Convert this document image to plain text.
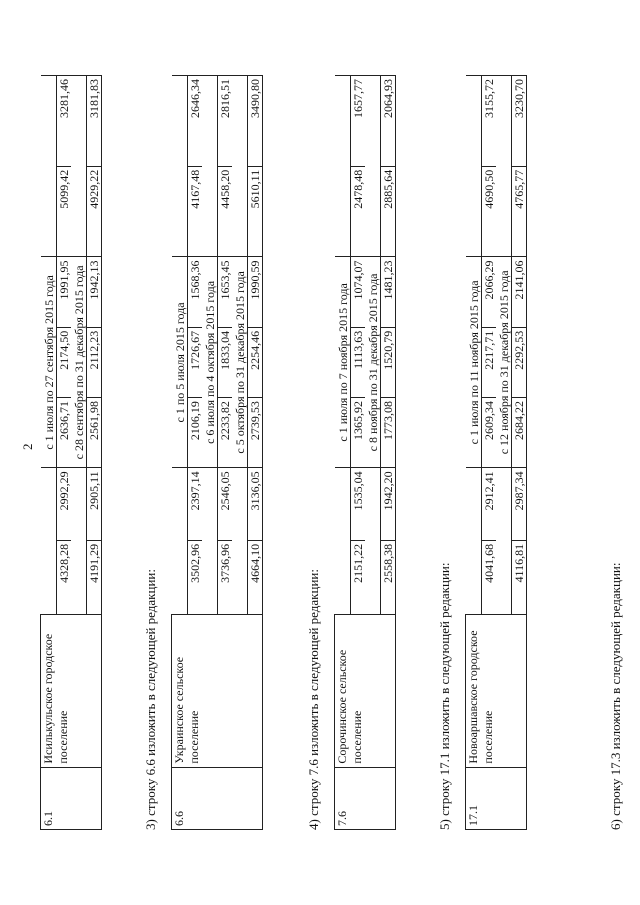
2
6.1	Исилькульское городское поселение			с 1 июля по 27 сентября 2015 года				
		4328,28	2992,29	2636,71	2174,50	1991,95	5099,42	3281,46
				с 28 сентября по 31 декабря 2015 года				
		4191,29	2905,11	2561,98	2112,23	1942,13	4929,22	3181,83
3) строку 6.6 изложить в следующей редакции: 6.6	Украинское сельское поселение			с 1 по 5 июля 2015 года				
		3502,96	2397,14	2106,19	1726,67	1568,36	4167,48	2646,34
				с 6 июля по 4 октября 2015 года				
		3736,96	2546,05	2233,82	1833,04	1653,45	4458,20	2816,51
				с 5 октября по 31 декабря 2015 года				
		4664,10	3136,05	2739,53	2254,46	1990,59	5610,11	3490,80
4) строку 7.6 изложить в следующей редакции: 7.6	Сорочинское сельское поселение			с 1 июля по 7 ноября 2015 года				
		2151,22	1535,04	1365,92	1113,63	1074,07	2478,48	1657,77
				с 8 ноября по 31 декабря 2015 года				
		2558,38	1942,20	1773,08	1520,79	1481,23	2885,64	2064,93
5) строку 17.1 изложить в следующей редакции: 17.1	Новоаршавское городское поселение			с 1 июля по 11 ноября 2015 года				
		4041,68	2912,41	2609,34	2217,71	2066,29	4690,50	3155,72
				с 12 ноября по 31 декабря 2015 года				
		4116,81	2987,34	2684,22	2292,53	2141,06	4765,77	3230,70
6) строку 17.3 изложить в следующей редакции:
